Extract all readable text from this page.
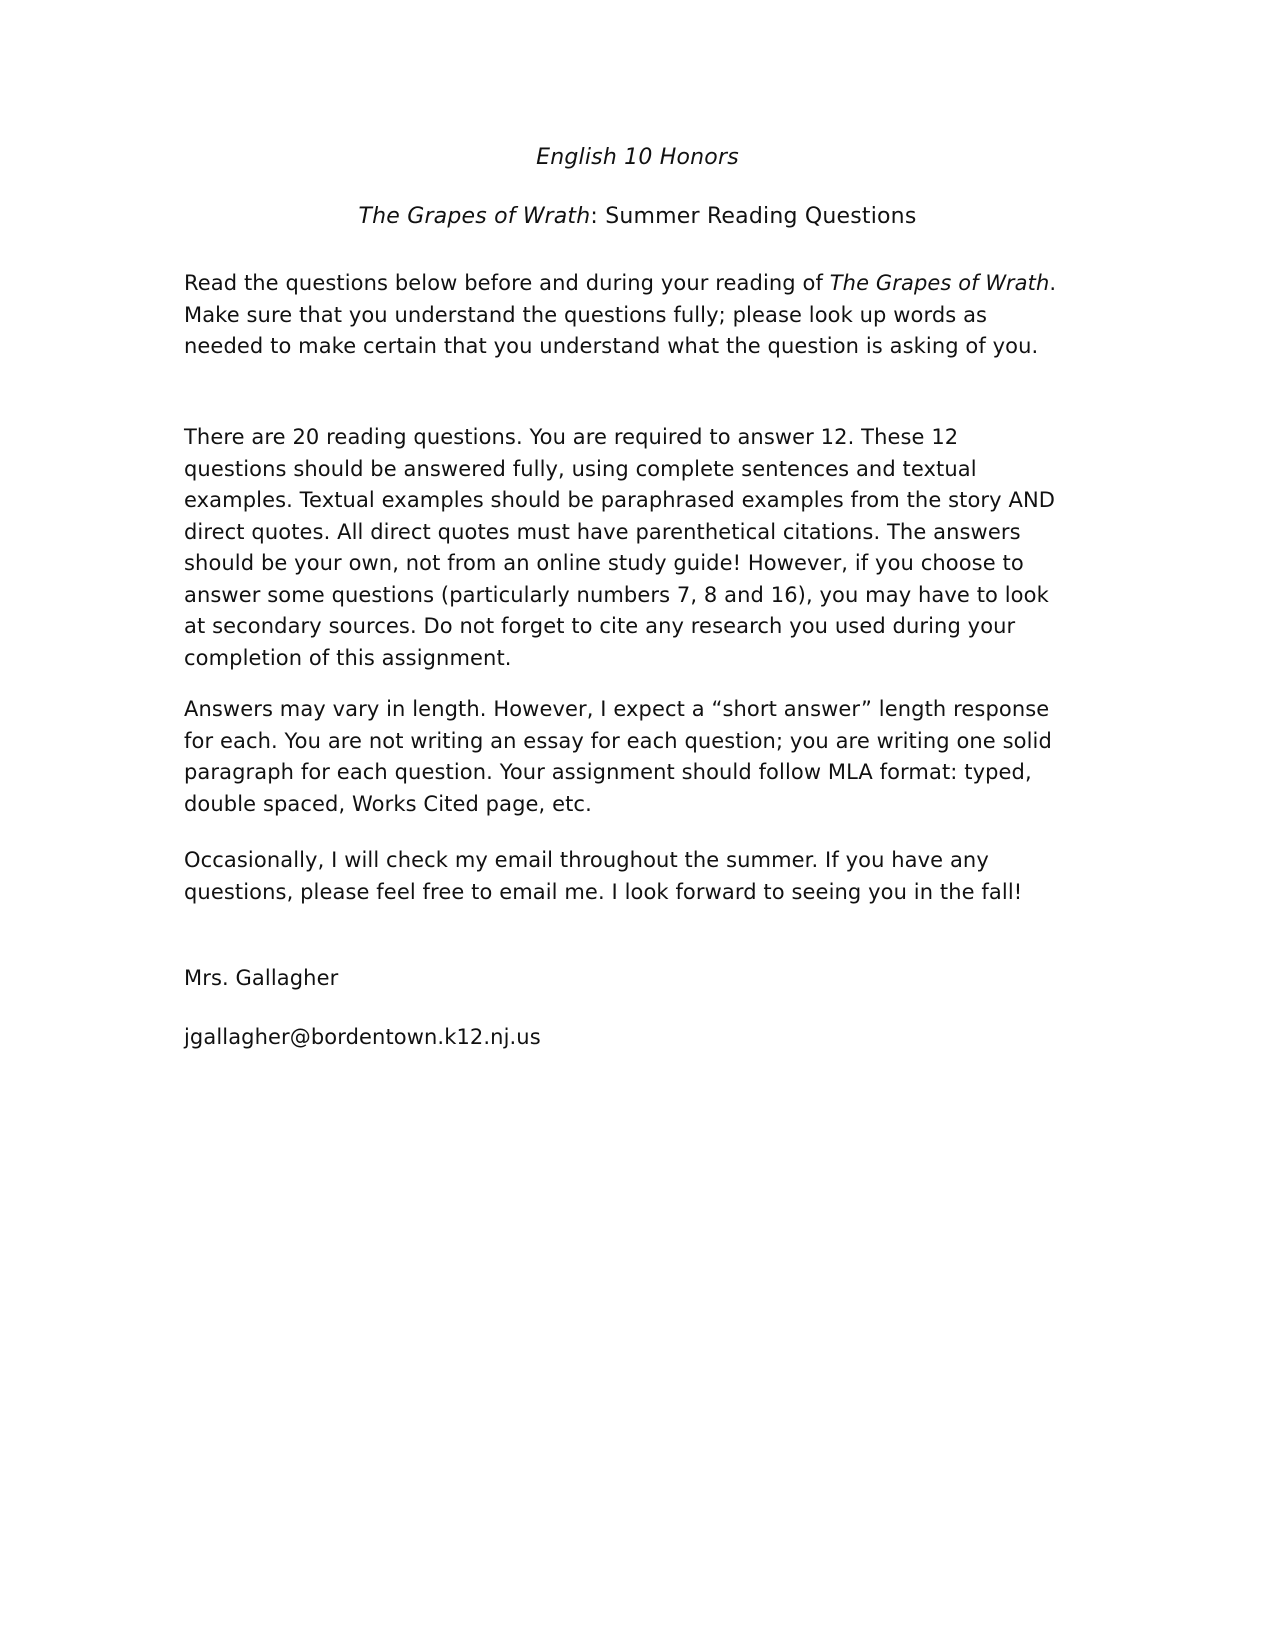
English 10 Honors
The Grapes of Wrath: Summer Reading Questions

Read the questions below before and during your reading of The Grapes of Wrath. Make sure that you understand the questions fully; please look up words as needed to make certain that you understand what the question is asking of you.

There are 20 reading questions. You are required to answer 12. These 12 questions should be answered fully, using complete sentences and textual examples. Textual examples should be paraphrased examples from the story AND direct quotes. All direct quotes must have parenthetical citations. The answers should be your own, not from an online study guide! However, if you choose to answer some questions (particularly numbers 7, 8 and 16), you may have to look at secondary sources. Do not forget to cite any research you used during your completion of this assignment.

Answers may vary in length. However, I expect a “short answer” length response for each. You are not writing an essay for each question; you are writing one solid paragraph for each question. Your assignment should follow MLA format: typed, double spaced, Works Cited page, etc.

Occasionally, I will check my email throughout the summer. If you have any questions, please feel free to email me. I look forward to seeing you in the fall!

Mrs. Gallagher

jgallagher@bordentown.k12.nj.us
